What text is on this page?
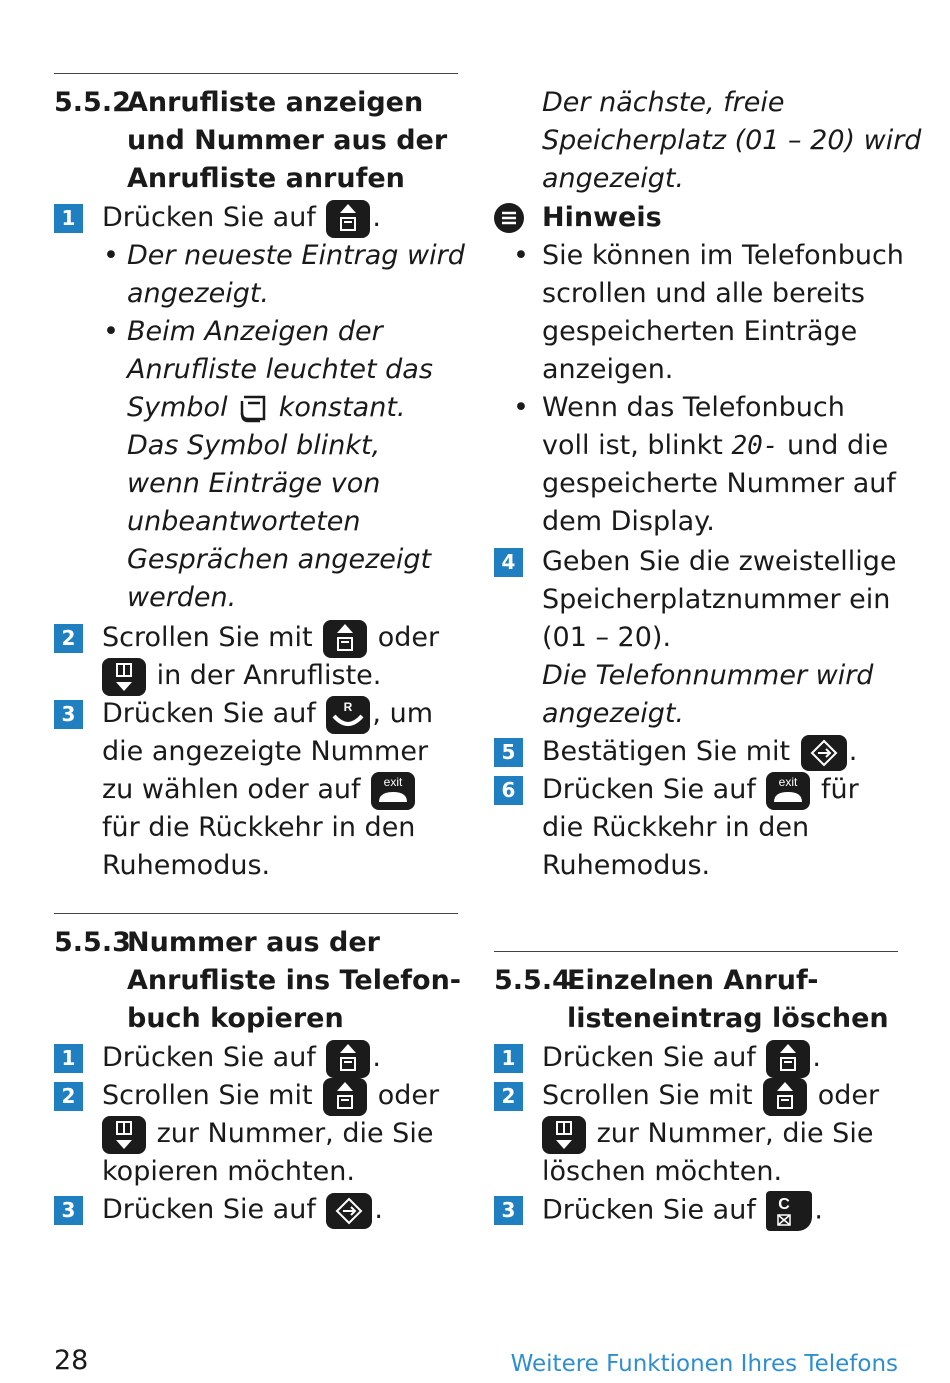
5.5.2
Anrufliste anzeigen
und Nummer aus der
Anrufliste anrufen
1 Drücken Sie auf .
• Der neueste Eintrag wird
angezeigt.
• Beim Anzeigen der
Anrufliste leuchtet das
Symbol konstant.
Das Symbol blinkt,
wenn Einträge von
unbeantworteten
Gesprächen angezeigt
werden.
2 Scrollen Sie mit oder
in der Anrufliste.
3 Drücken Sie auf R , um
die angezeigte Nummer
zu wählen oder auf exit
für die Rückkehr in den
Ruhemodus.
Der nächste, freie
Speicherplatz (01 – 20) wird
angezeigt.
Hinweis
• Sie können im Telefonbuch
scrollen und alle bereits
gespeicherten Einträge
anzeigen.
• Wenn das Telefonbuch
voll ist, blinkt 20- und die
gespeicherte Nummer auf
dem Display.
4 Geben Sie die zweistellige
Speicherplatznummer ein
(01 – 20).
Die Telefonnummer wird
angezeigt.
5 Bestätigen Sie mit .
6 Drücken Sie auf exit für
die Rückkehr in den
Ruhemodus.
5.5.3
Nummer aus der
Anrufliste ins Telefon-
buch kopieren
1 Drücken Sie auf .
2 Scrollen Sie mit oder
zur Nummer, die Sie
kopieren möchten.
3 Drücken Sie auf .
5.5.4
Einzelnen Anruf-
listeneintrag löschen
1 Drücken Sie auf .
2 Scrollen Sie mit oder
zur Nummer, die Sie
löschen möchten.
3 Drücken Sie auf C .
28	Weitere Funktionen Ihres Telefons
